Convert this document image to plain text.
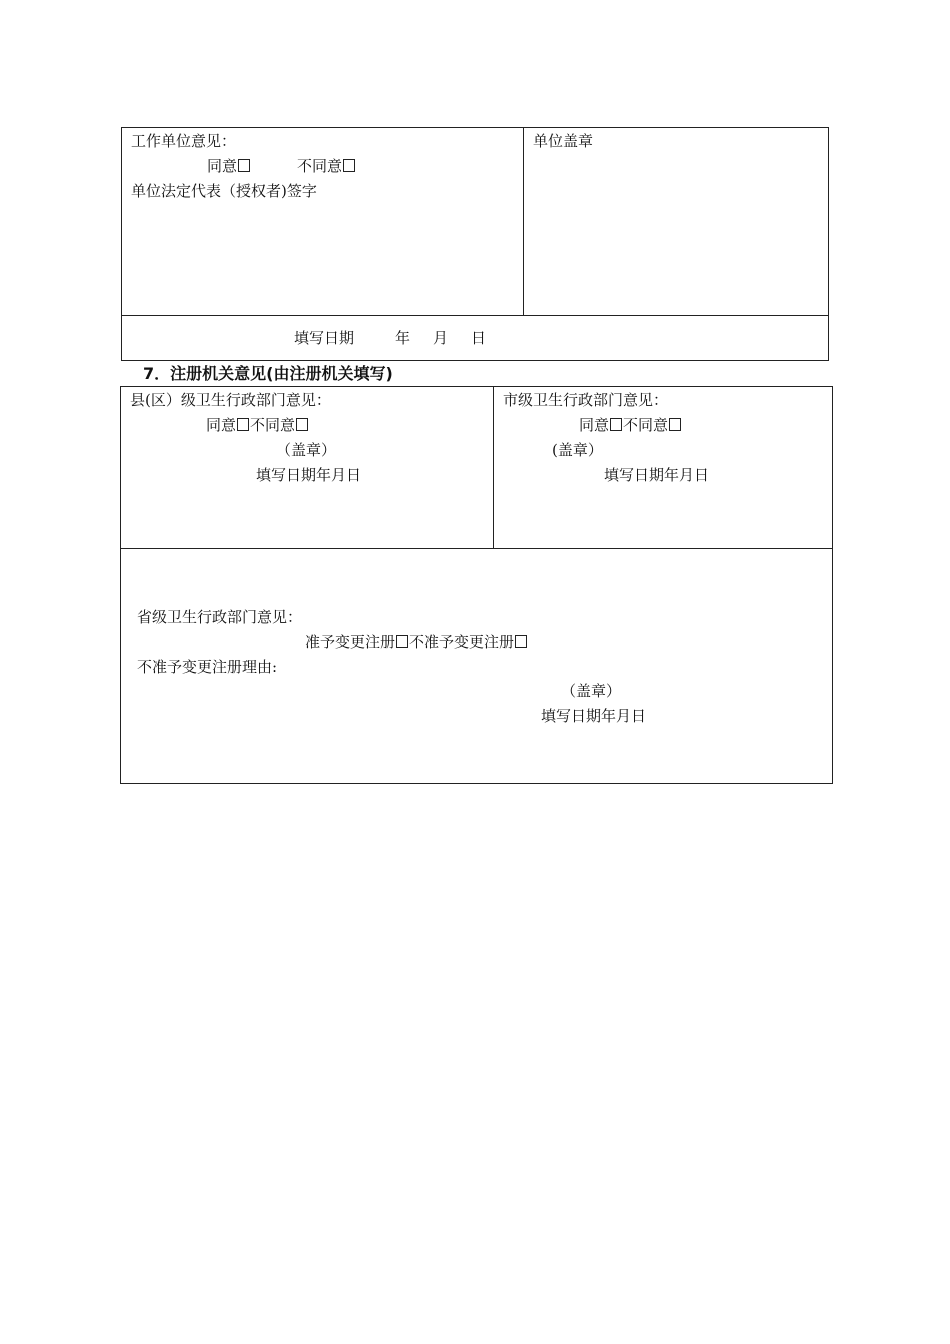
工作单位意见：
同意	不同意
单位法定代表（授权者)签字
单位盖章
填写日期	年 月 日
7．注册机关意见(由注册机关填写)
县(区）级卫生行政部门意见：
同意 不同意
（盖章）
填写日期年月日
市级卫生行政部门意见：
同意 不同意
(盖章）
填写日期年月日
省级卫生行政部门意见：
准予变更注册 不准予变更注册
不准予变更注册理由:
（盖章）
填写日期年月日
